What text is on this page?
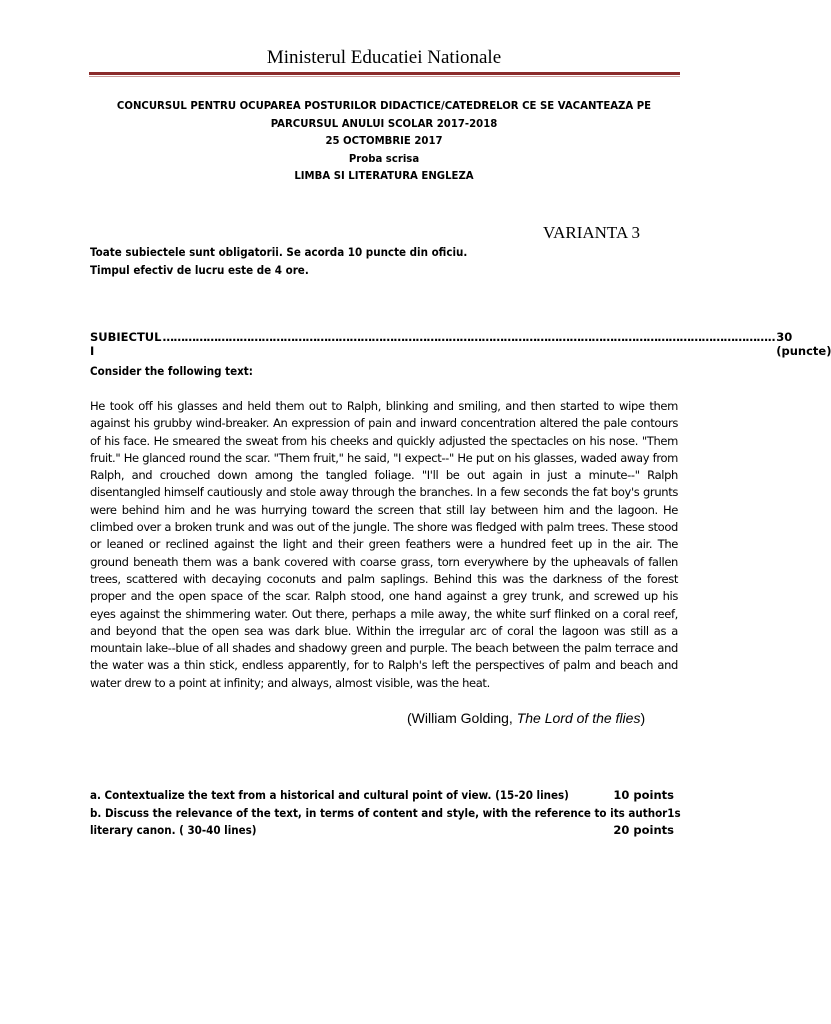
Ministerul Educatiei Nationale
CONCURSUL PENTRU OCUPAREA POSTURILOR DIDACTICE/CATEDRELOR CE SE VACANTEAZA PE
PARCURSUL ANULUI SCOLAR 2017-2018
25 OCTOMBRIE 2017
Proba scrisa
LIMBA SI LITERATURA ENGLEZA
VARIANTA 3
Toate subiectele sunt obligatorii. Se acorda 10 puncte din oficiu.
Timpul efectiv de lucru este de 4 ore.
SUBIECTUL I
………………………………………………………………………………………………………………………………………………….. 30 (puncte)
Consider the following text:
He took off his glasses and held them out to Ralph, blinking and smiling, and then started to wipe them against his grubby wind-breaker. An expression of pain and inward concentration altered the pale contours of his face. He smeared the sweat from his cheeks and quickly adjusted the spectacles on his nose. "Them fruit." He glanced round the scar. "Them fruit," he said, "I expect--" He put on his glasses, waded away from Ralph, and crouched down among the tangled foliage. "I'll be out again in just a minute--" Ralph disentangled himself cautiously and stole away through the branches. In a few seconds the fat boy's grunts were behind him and he was hurrying toward the screen that still lay between him and the lagoon. He climbed over a broken trunk and was out of the jungle. The shore was fledged with palm trees. These stood or leaned or reclined against the light and their green feathers were a hundred feet up in the air. The ground beneath them was a bank covered with coarse grass, torn everywhere by the upheavals of fallen trees, scattered with decaying coconuts and palm saplings. Behind this was the darkness of the forest proper and the open space of the scar. Ralph stood, one hand against a grey trunk, and screwed up his eyes against the shimmering water. Out there, perhaps a mile away, the white surf flinked on a coral reef, and beyond that the open sea was dark blue. Within the irregular arc of coral the lagoon was still as a mountain lake--blue of all shades and shadowy green and purple. The beach between the palm terrace and the water was a thin stick, endless apparently, for to Ralph's left the perspectives of palm and beach and water drew to a point at infinity; and always, almost visible, was the heat.
(William Golding, The Lord of the flies)
a. Contextualize the text from a historical and cultural point of view. (15-20 lines)	10 points
b. Discuss the relevance of the text, in terms of content and style, with the reference to its author1s
literary canon. ( 30-40 lines)	20 points
